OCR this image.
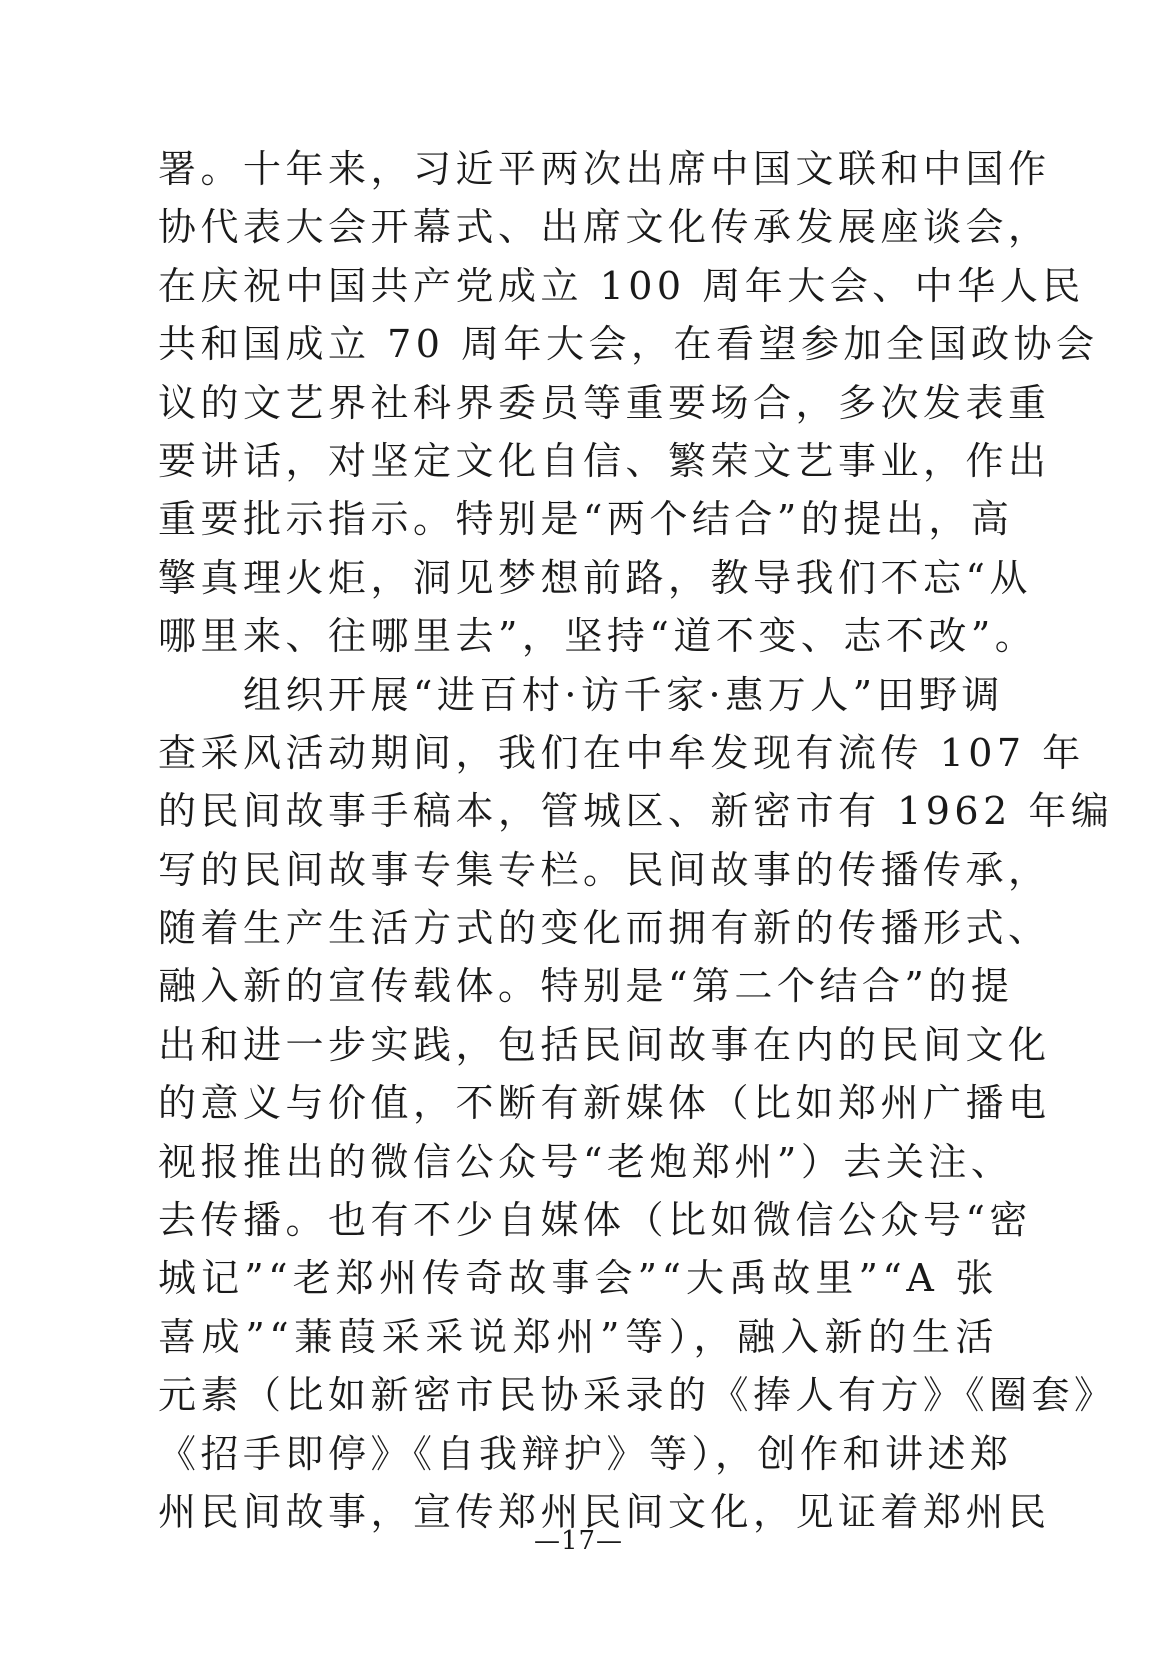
署。十年来，习近平两次出席中国文联和中国作
协代表大会开幕式、出席文化传承发展座谈会，
在庆祝中国共产党成立 100 周年大会、中华人民
共和国成立 70 周年大会，在看望参加全国政协会
议的文艺界社科界委员等重要场合，多次发表重
要讲话，对坚定文化自信、繁荣文艺事业，作出
重要批示指示。特别是“两个结合”的提出，高
擎真理火炬，洞见梦想前路，教导我们不忘“从
哪里来、往哪里去”，坚持“道不变、志不改”。
　　组织开展“进百村·访千家·惠万人”田野调
查采风活动期间，我们在中牟发现有流传 107 年
的民间故事手稿本，管城区、新密市有 1962 年编
写的民间故事专集专栏。民间故事的传播传承，
随着生产生活方式的变化而拥有新的传播形式、
融入新的宣传载体。特别是“第二个结合”的提
出和进一步实践，包括民间故事在内的民间文化
的意义与价值，不断有新媒体（比如郑州广播电
视报推出的微信公众号“老炮郑州”）去关注、
去传播。也有不少自媒体（比如微信公众号“密
城记”“老郑州传奇故事会”“大禹故里”“A 张
喜成”“蒹葭采采说郑州”等），融入新的生活
元素（比如新密市民协采录的《捧人有方》《圈套》
《招手即停》《自我辩护》等），创作和讲述郑
州民间故事，宣传郑州民间文化，见证着郑州民
—17—
